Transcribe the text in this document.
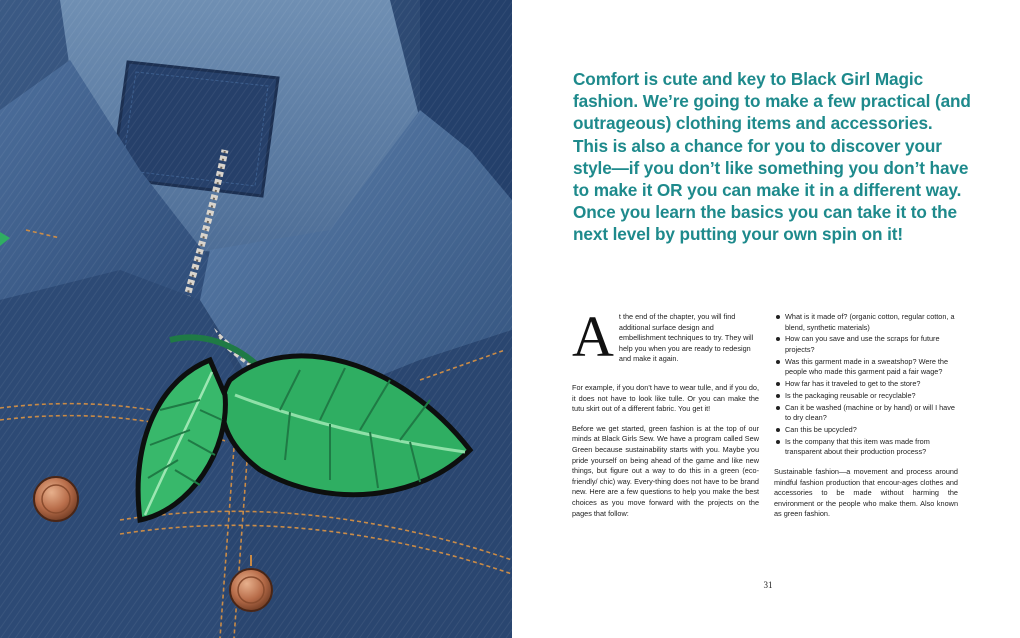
Comfort is cute and key to Black Girl Magic fashion. We’re going to make a few practical (and outrageous) clothing items and accessories. This is also a chance for you to discover your style—if you don’t like something you don’t have to make it OR you can make it in a different way. Once you learn the basics you can take it to the next level by putting your own spin on it!

A t the end of the chapter, you will find additional surface design and embellishment techniques to try. They will help you when you are ready to redesign and make it again.

For example, if you don’t have to wear tulle, and if you do, it does not have to look like tulle. Or you can make the tutu skirt out of a different fabric. You get it!

Before we get started, green fashion is at the top of our minds at Black Girls Sew. We have a program called Sew Green because sustainability starts with you. Maybe you pride yourself on being ahead of the game and like new things, but figure out a way to do this in a green (eco-friendly/ chic) way. Every-thing does not have to be brand new. Here are a few questions to help you make the best choices as you move forward with the projects on the pages that follow:

What is it made of? (organic cotton, regular cotton, a blend, synthetic materials)
How can you save and use the scraps for future projects?
Was this garment made in a sweatshop? Were the people who made this garment paid a fair wage?
How far has it traveled to get to the store?
Is the packaging reusable or recyclable?
Can it be washed (machine or by hand) or will I have to dry clean?
Can this be upcycled?
Is the company that this item was made from transparent about their production process?

Sustainable fashion—a movement and process around mindful fashion production that encour-ages clothes and accessories to be made without harming the environment or the people who make them. Also known as green fashion.

31
